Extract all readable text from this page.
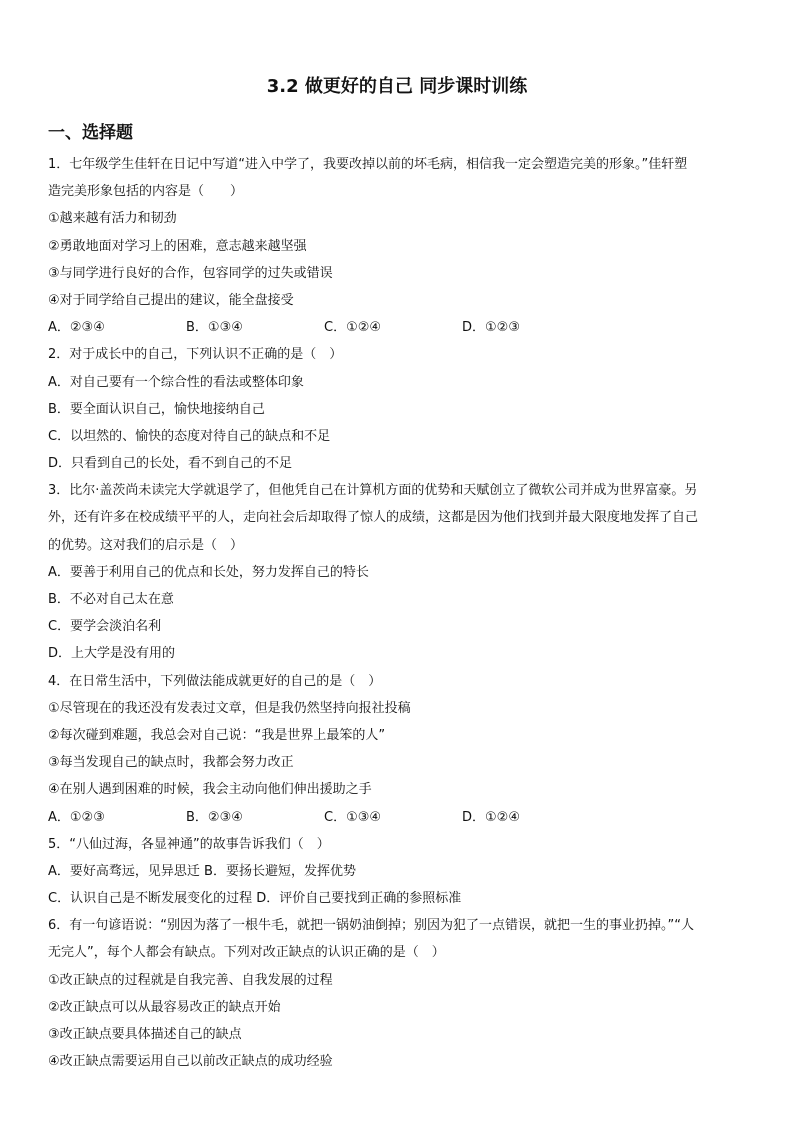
3.2 做更好的自己 同步课时训练
一、选择题
1．七年级学生佳轩在日记中写道“进入中学了，我要改掉以前的坏毛病，相信我一定会塑造完美的形象。”佳轩塑
造完美形象包括的内容是（　　）
①越来越有活力和韧劲
②勇敢地面对学习上的困难，意志越来越坚强
③与同学进行良好的合作，包容同学的过失或错误
④对于同学给自己提出的建议，能全盘接受
A．②③④	B．①③④	C．①②④	D．①②③
2．对于成长中的自己，下列认识不正确的是（　）
A．对自己要有一个综合性的看法或整体印象
B．要全面认识自己，愉快地接纳自己
C．以坦然的、愉快的态度对待自己的缺点和不足
D．只看到自己的长处，看不到自己的不足
3．比尔·盖茨尚未读完大学就退学了，但他凭自己在计算机方面的优势和天赋创立了微软公司并成为世界富豪。另
外，还有许多在校成绩平平的人，走向社会后却取得了惊人的成绩，这都是因为他们找到并最大限度地发挥了自己
的优势。这对我们的启示是（　）
A．要善于利用自己的优点和长处，努力发挥自己的特长
B．不必对自己太在意
C．要学会淡泊名利
D．上大学是没有用的
4．在日常生活中，下列做法能成就更好的自己的是（　）
①尽管现在的我还没有发表过文章，但是我仍然坚持向报社投稿
②每次碰到难题，我总会对自己说：“我是世界上最笨的人”
③每当发现自己的缺点时，我都会努力改正
④在别人遇到困难的时候，我会主动向他们伸出援助之手
A．①②③	B．②③④	C．①③④	D．①②④
5．“八仙过海，各显神通”的故事告诉我们（　）
A．要好高骛远，见异思迁 B．要扬长避短，发挥优势
C．认识自己是不断发展变化的过程 D．评价自己要找到正确的参照标准
6．有一句谚语说：“别因为落了一根牛毛，就把一锅奶油倒掉；别因为犯了一点错误，就把一生的事业扔掉。”“人
无完人”，每个人都会有缺点。下列对改正缺点的认识正确的是（　）
①改正缺点的过程就是自我完善、自我发展的过程
②改正缺点可以从最容易改正的缺点开始
③改正缺点要具体描述自己的缺点
④改正缺点需要运用自己以前改正缺点的成功经验
